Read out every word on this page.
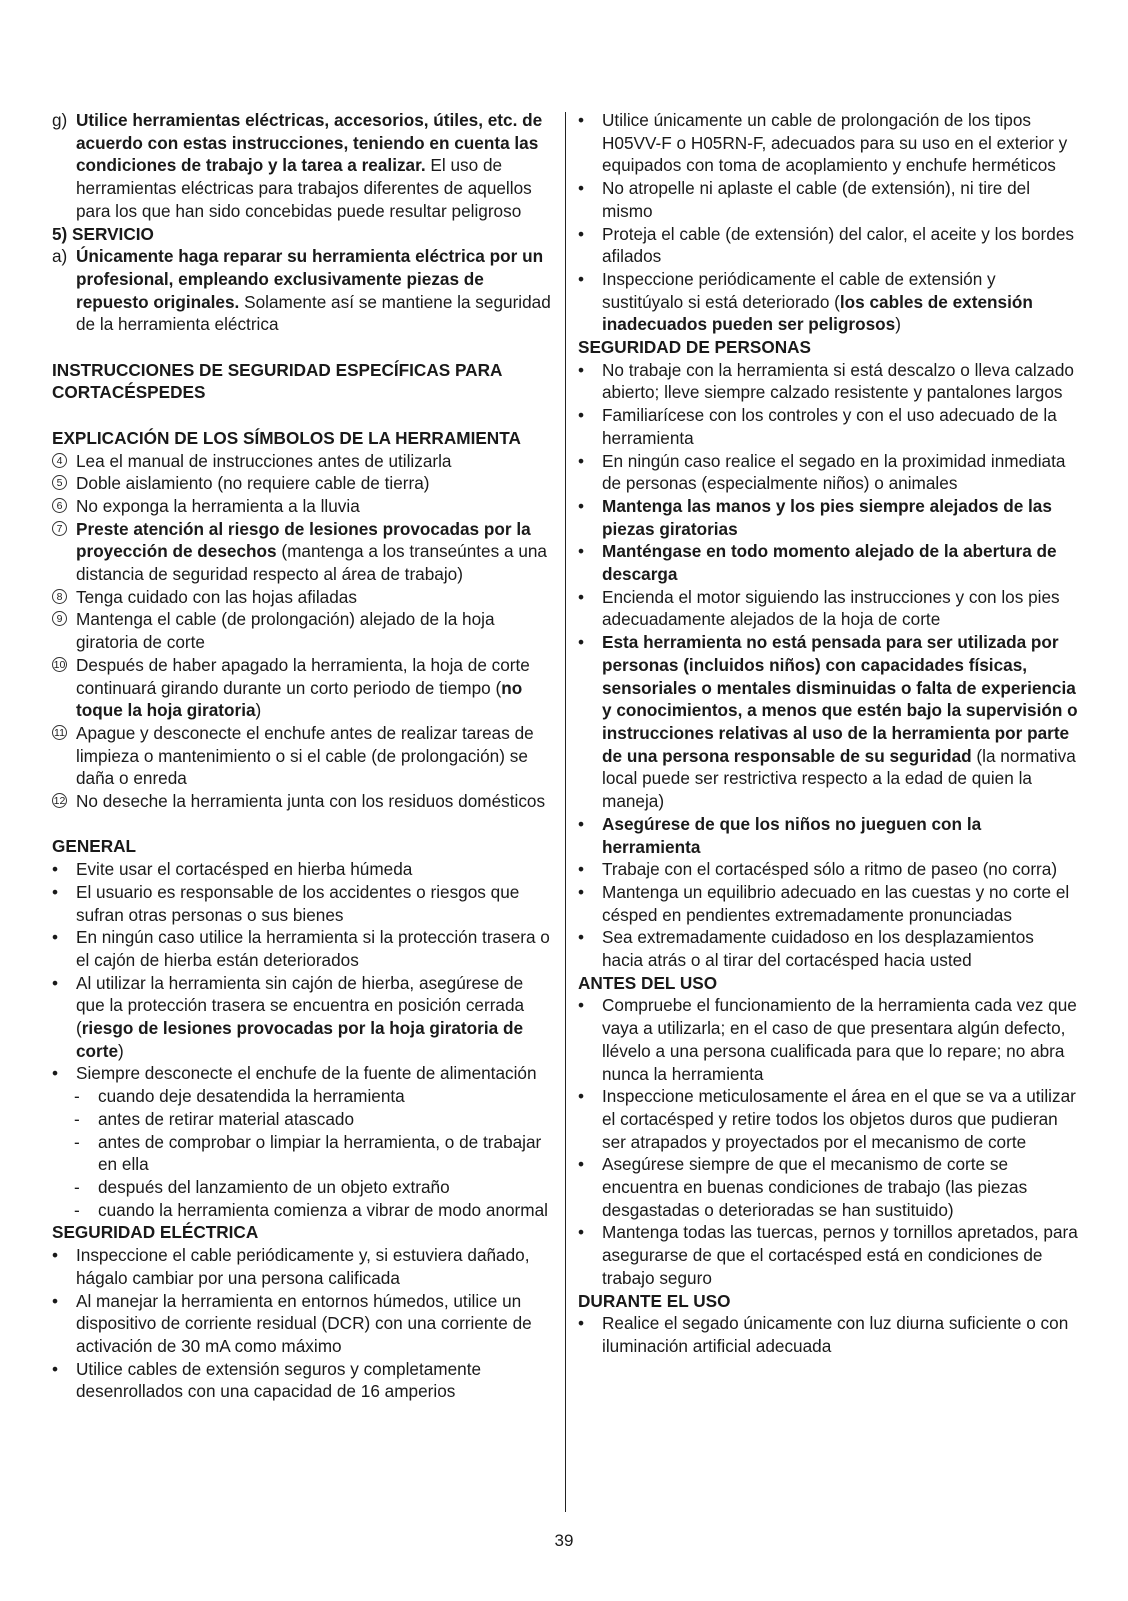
g) Utilice herramientas eléctricas, accesorios, útiles, etc. de acuerdo con estas instrucciones, teniendo en cuenta las condiciones de trabajo y la tarea a realizar. El uso de herramientas eléctricas para trabajos diferentes de aquellos para los que han sido concebidas puede resultar peligroso
5) SERVICIO
a) Únicamente haga reparar su herramienta eléctrica por un profesional, empleando exclusivamente piezas de repuesto originales. Solamente así se mantiene la seguridad de la herramienta eléctrica
INSTRUCCIONES DE SEGURIDAD ESPECÍFICAS PARA CORTACÉSPEDES
EXPLICACIÓN DE LOS SÍMBOLOS DE LA HERRAMIENTA
4 Lea el manual de instrucciones antes de utilizarla
5 Doble aislamiento (no requiere cable de tierra)
6 No exponga la herramienta a la lluvia
7 Preste atención al riesgo de lesiones provocadas por la proyección de desechos (mantenga a los transeúntes a una distancia de seguridad respecto al área de trabajo)
8 Tenga cuidado con las hojas afiladas
9 Mantenga el cable (de prolongación) alejado de la hoja giratoria de corte
10 Después de haber apagado la herramienta, la hoja de corte continuará girando durante un corto periodo de tiempo (no toque la hoja giratoria)
11 Apague y desconecte el enchufe antes de realizar tareas de limpieza o mantenimiento o si el cable (de prolongación) se daña o enreda
12 No deseche la herramienta junta con los residuos domésticos
GENERAL
• Evite usar el cortacésped en hierba húmeda
• El usuario es responsable de los accidentes o riesgos que sufran otras personas o sus bienes
• En ningún caso utilice la herramienta si la protección trasera o el cajón de hierba están deteriorados
• Al utilizar la herramienta sin cajón de hierba, asegúrese de que la protección trasera se encuentra en posición cerrada (riesgo de lesiones provocadas por la hoja giratoria de corte)
• Siempre desconecte el enchufe de la fuente de alimentación
- cuando deje desatendida la herramienta
- antes de retirar material atascado
- antes de comprobar o limpiar la herramienta, o de trabajar en ella
- después del lanzamiento de un objeto extraño
- cuando la herramienta comienza a vibrar de modo anormal
SEGURIDAD ELÉCTRICA
• Inspeccione el cable periódicamente y, si estuviera dañado, hágalo cambiar por una persona calificada
• Al manejar la herramienta en entornos húmedos, utilice un dispositivo de corriente residual (DCR) con una corriente de activación de 30 mA como máximo
• Utilice cables de extensión seguros y completamente desenrollados con una capacidad de 16 amperios
• Utilice únicamente un cable de prolongación de los tipos H05VV-F o H05RN-F, adecuados para su uso en el exterior y equipados con toma de acoplamiento y enchufe herméticos
• No atropelle ni aplaste el cable (de extensión), ni tire del mismo
• Proteja el cable (de extensión) del calor, el aceite y los bordes afilados
• Inspeccione periódicamente el cable de extensión y sustitúyalo si está deteriorado (los cables de extensión inadecuados pueden ser peligrosos)
SEGURIDAD DE PERSONAS
• No trabaje con la herramienta si está descalzo o lleva calzado abierto; lleve siempre calzado resistente y pantalones largos
• Familiarícese con los controles y con el uso adecuado de la herramienta
• En ningún caso realice el segado en la proximidad inmediata de personas (especialmente niños) o animales
• Mantenga las manos y los pies siempre alejados de las piezas giratorias
• Manténgase en todo momento alejado de la abertura de descarga
• Encienda el motor siguiendo las instrucciones y con los pies adecuadamente alejados de la hoja de corte
• Esta herramienta no está pensada para ser utilizada por personas (incluidos niños) con capacidades físicas, sensoriales o mentales disminuidas o falta de experiencia y conocimientos, a menos que estén bajo la supervisión o instrucciones relativas al uso de la herramienta por parte de una persona responsable de su seguridad (la normativa local puede ser restrictiva respecto a la edad de quien la maneja)
• Asegúrese de que los niños no jueguen con la herramienta
• Trabaje con el cortacésped sólo a ritmo de paseo (no corra)
• Mantenga un equilibrio adecuado en las cuestas y no corte el césped en pendientes extremadamente pronunciadas
• Sea extremadamente cuidadoso en los desplazamientos hacia atrás o al tirar del cortacésped hacia usted
ANTES DEL USO
• Compruebe el funcionamiento de la herramienta cada vez que vaya a utilizarla; en el caso de que presentara algún defecto, llévelo a una persona cualificada para que lo repare; no abra nunca la herramienta
• Inspeccione meticulosamente el área en el que se va a utilizar el cortacésped y retire todos los objetos duros que pudieran ser atrapados y proyectados por el mecanismo de corte
• Asegúrese siempre de que el mecanismo de corte se encuentra en buenas condiciones de trabajo (las piezas desgastadas o deterioradas se han sustituido)
• Mantenga todas las tuercas, pernos y tornillos apretados, para asegurarse de que el cortacésped está en condiciones de trabajo seguro
DURANTE EL USO
• Realice el segado únicamente con luz diurna suficiente o con iluminación artificial adecuada
39
